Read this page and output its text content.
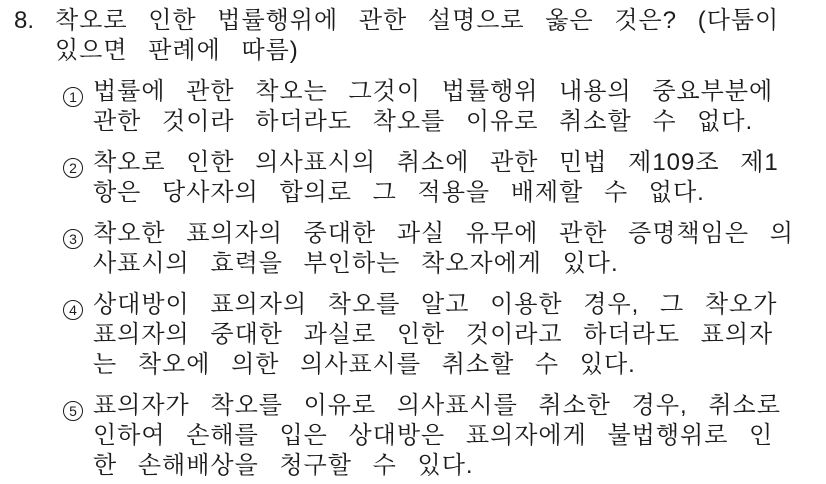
8. 착오로 인한 법률행위에 관한 설명으로 옳은 것은? (다툼이
있으면 판례에 따름)
1 법률에 관한 착오는 그것이 법률행위 내용의 중요부분에
관한 것이라 하더라도 착오를 이유로 취소할 수 없다.
2 착오로 인한 의사표시의 취소에 관한 민법 제109조 제1
항은 당사자의 합의로 그 적용을 배제할 수 없다.
3 착오한 표의자의 중대한 과실 유무에 관한 증명책임은 의
사표시의 효력을 부인하는 착오자에게 있다.
4 상대방이 표의자의 착오를 알고 이용한 경우, 그 착오가
표의자의 중대한 과실로 인한 것이라고 하더라도 표의자
는 착오에 의한 의사표시를 취소할 수 있다.
5 표의자가 착오를 이유로 의사표시를 취소한 경우, 취소로
인하여 손해를 입은 상대방은 표의자에게 불법행위로 인
한 손해배상을 청구할 수 있다.
